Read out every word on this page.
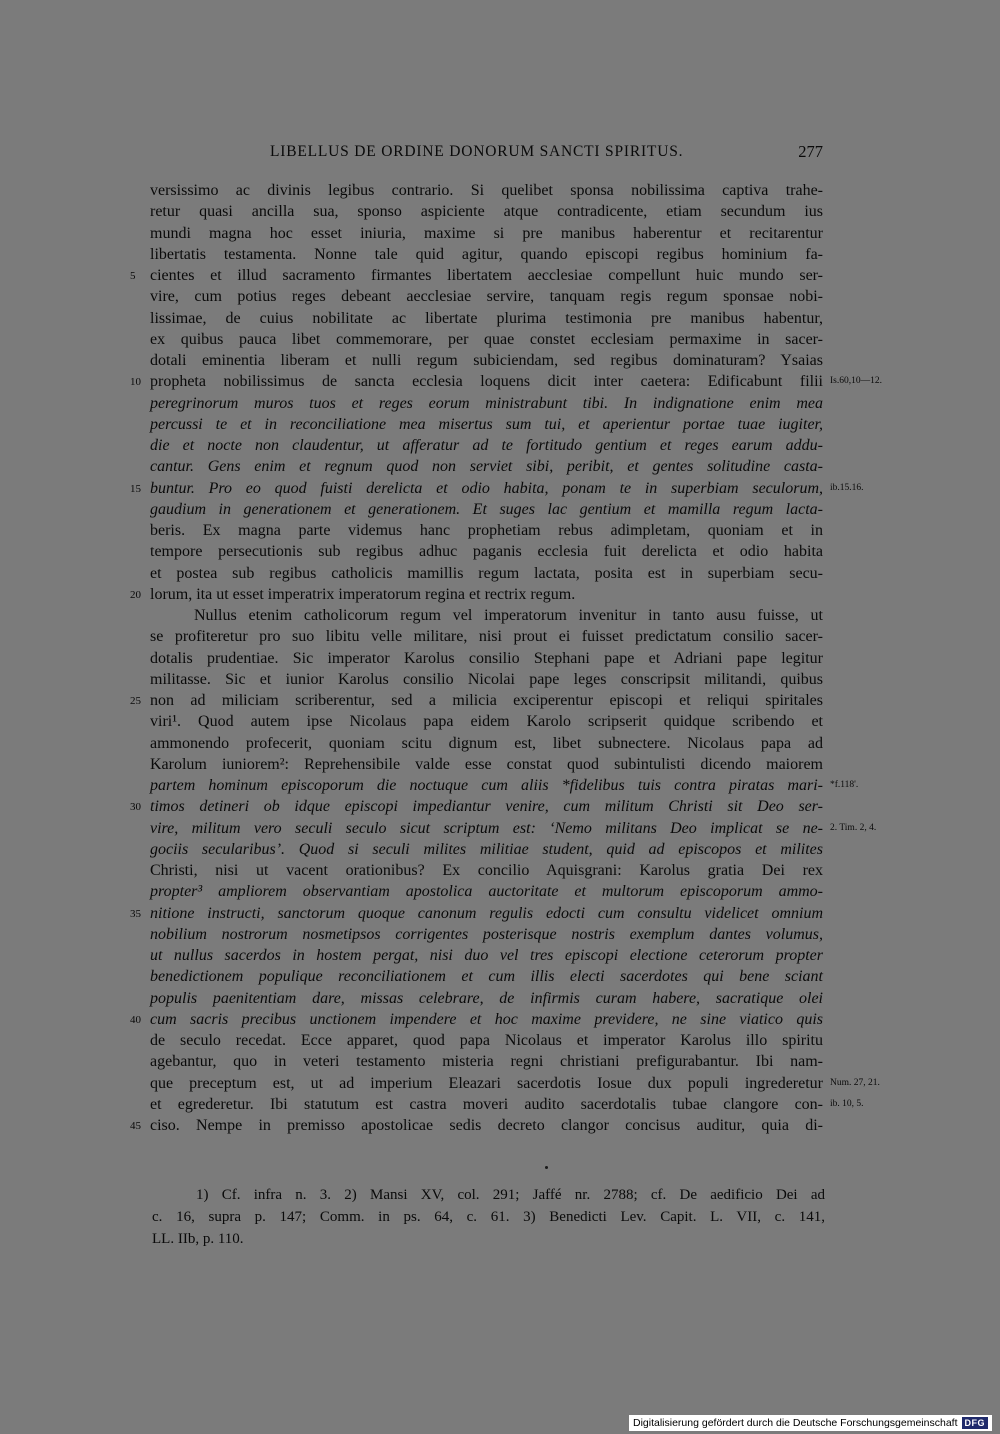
LIBELLUS DE ORDINE DONORUM SANCTI SPIRITUS.	277
versissimo ac divinis legibus contrario. Si quelibet sponsa nobilissima captiva trahe-
retur quasi ancilla sua, sponso aspiciente atque contradicente, etiam secundum ius
mundi magna hoc esset iniuria, maxime si pre manibus haberentur et recitarentur
libertatis testamenta. Nonne tale quid agitur, quando episcopi regibus hominium fa-
cientes et illud sacramento firmantes libertatem aecclesiae compellunt huic mundo ser-
5
vire, cum potius reges debeant aecclesiae servire, tanquam regis regum sponsae nobi-
lissimae, de cuius nobilitate ac libertate plurima testimonia pre manibus habentur,
ex quibus pauca libet commemorare, per quae constet ecclesiam permaxime in sacer-
dotali eminentia liberam et nulli regum subiciendam, sed regibus dominaturam? Ysaias
propheta nobilissimus de sancta ecclesia loquens dicit inter caetera: Edificabunt filii
10	Is.60,10—12.
peregrinorum muros tuos et reges eorum ministrabunt tibi. In indignatione enim mea
percussi te et in reconciliatione mea misertus sum tui, et aperientur portae tuae iugiter,
die et nocte non claudentur, ut afferatur ad te fortitudo gentium et reges earum addu-
cantur. Gens enim et regnum quod non serviet sibi, peribit, et gentes solitudine casta-
buntur. Pro eo quod fuisti derelicta et odio habita, ponam te in superbiam seculorum,
15	ib.15.16.
gaudium in generationem et generationem. Et suges lac gentium et mamilla regum lacta-
beris. Ex magna parte videmus hanc prophetiam rebus adimpletam, quoniam et in
tempore persecutionis sub regibus adhuc paganis ecclesia fuit derelicta et odio habita
et postea sub regibus catholicis mamillis regum lactata, posita est in superbiam secu-
lorum, ita ut esset imperatrix imperatorum regina et rectrix regum.
20
Nullus etenim catholicorum regum vel imperatorum invenitur in tanto ausu fuisse, ut
se profiteretur pro suo libitu velle militare, nisi prout ei fuisset predictatum consilio sacer-
dotalis prudentiae. Sic imperator Karolus consilio Stephani pape et Adriani pape legitur
militasse. Sic et iunior Karolus consilio Nicolai pape leges conscripsit militandi, quibus
non ad miliciam scriberentur, sed a milicia exciperentur episcopi et reliqui spiritales
25
viri¹. Quod autem ipse Nicolaus papa eidem Karolo scripserit quidque scribendo et
ammonendo profecerit, quoniam scitu dignum est, libet subnectere. Nicolaus papa ad
Karolum iuniorem²: Reprehensibile valde esse constat quod subintulisti dicendo maiorem
partem hominum episcoporum die noctuque cum aliis *fidelibus tuis contra piratas mari- *f.118'.
timos detineri ob idque episcopi impediantur venire, cum militum Christi sit Deo ser-
30
vire, militum vero seculi seculo sicut scriptum est: ‘Nemo militans Deo implicat se ne- 2. Tim. 2, 4.
gociis secularibus’. Quod si seculi milites militiae student, quid ad episcopos et milites
Christi, nisi ut vacent orationibus? Ex concilio Aquisgrani: Karolus gratia Dei rex
propter³ ampliorem observantiam apostolica auctoritate et multorum episcoporum ammo-
nitione instructi, sanctorum quoque canonum regulis edocti cum consultu videlicet omnium
35
nobilium nostrorum nosmetipsos corrigentes posterisque nostris exemplum dantes volumus,
ut nullus sacerdos in hostem pergat, nisi duo vel tres episcopi electione ceterorum propter
benedictionem populique reconciliationem et cum illis electi sacerdotes qui bene sciant
populis paenitentiam dare, missas celebrare, de infirmis curam habere, sacratique olei
cum sacris precibus unctionem impendere et hoc maxime previdere, ne sine viatico quis
40
de seculo recedat. Ecce apparet, quod papa Nicolaus et imperator Karolus illo spiritu
agebantur, quo in veteri testamento misteria regni christiani prefigurabantur. Ibi nam-
que preceptum est, ut ad imperium Eleazari sacerdotis Iosue dux populi ingrederetur Num. 27, 21.
et egrederetur. Ibi statutum est castra moveri audito sacerdotalis tubae clangore con- ib. 10, 5.
ciso. Nempe in premisso apostolicae sedis decreto clangor concisus auditur, quia di-
45
1) Cf. infra n. 3. 2) Mansi XV, col. 291; Jaffé nr. 2788; cf. De aedificio Dei ad
c. 16, supra p. 147; Comm. in ps. 64, c. 61. 3) Benedicti Lev. Capit. L. VII, c. 141,
LL. IIb, p. 110.
Digitalisierung gefördert durch die Deutsche Forschungsgemeinschaft DFG
